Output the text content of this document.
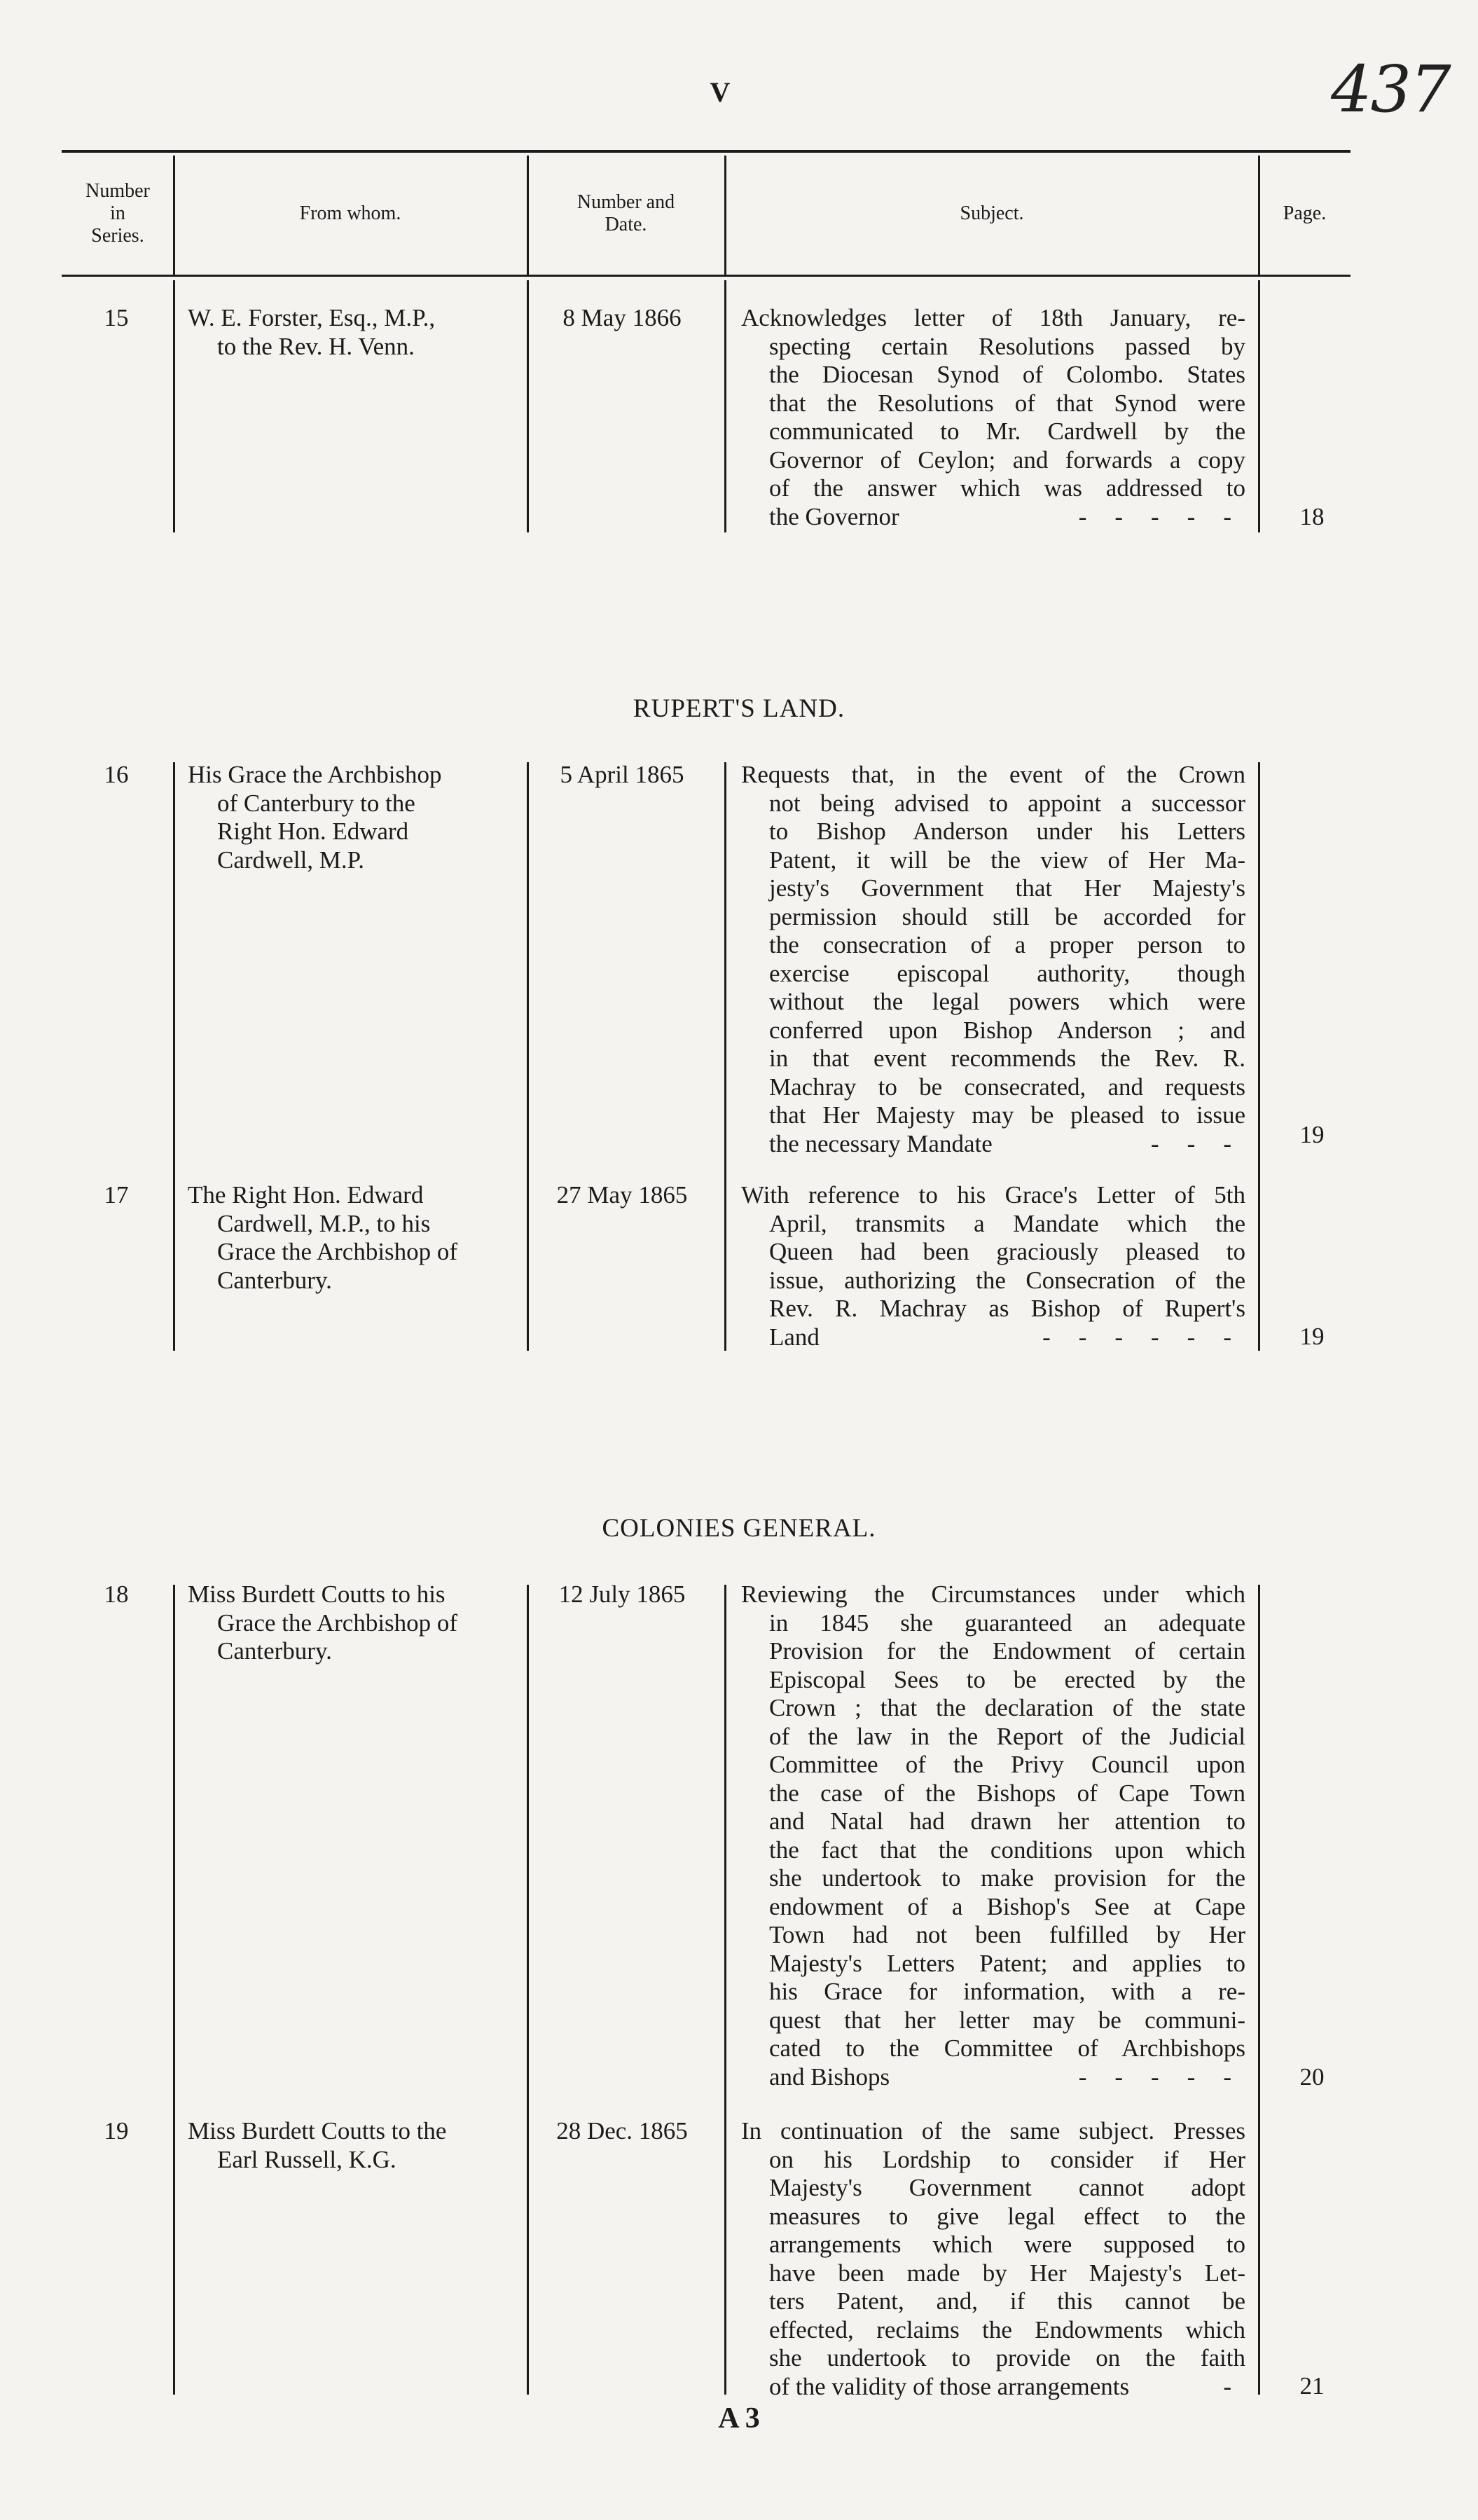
V	437
Number
in
Series.
From whom.
Number and
Date.
Subject.	Page.
15	W. E. Forster, Esq., M.P.,
to the Rev. H. Venn.
8 May 1866	Acknowledges letter of 18th January, re-
specting certain Resolutions passed by
the Diocesan Synod of Colombo. States
that the Resolutions of that Synod were
communicated to Mr. Cardwell by the
Governor of Ceylon; and forwards a copy
of the answer which was addressed to
the Governor	-----	18
RUPERT'S LAND.
16	His Grace the Archbishop
of Canterbury to the
Right Hon. Edward
Cardwell, M.P.
5 April 1865	Requests that, in the event of the Crown
not being advised to appoint a successor
to Bishop Anderson under his Letters
Patent, it will be the view of Her Ma-
jesty's Government that Her Majesty's
permission should still be accorded for
the consecration of a proper person to
exercise episcopal authority, though
without the legal powers which were
conferred upon Bishop Anderson ; and
in that event recommends the Rev. R.
Machray to be consecrated, and requests
that Her Majesty may be pleased to issue
the necessary Mandate	---	19
17	The Right Hon. Edward
Cardwell, M.P., to his
Grace the Archbishop of
Canterbury.
27 May 1865	With reference to his Grace's Letter of 5th
April, transmits a Mandate which the
Queen had been graciously pleased to
issue, authorizing the Consecration of the
Rev. R. Machray as Bishop of Rupert's
Land	------	19
COLONIES GENERAL.
18	Miss Burdett Coutts to his
Grace the Archbishop of
Canterbury.
12 July 1865	Reviewing the Circumstances under which
in 1845 she guaranteed an adequate
Provision for the Endowment of certain
Episcopal Sees to be erected by the
Crown ; that the declaration of the state
of the law in the Report of the Judicial
Committee of the Privy Council upon
the case of the Bishops of Cape Town
and Natal had drawn her attention to
the fact that the conditions upon which
she undertook to make provision for the
endowment of a Bishop's See at Cape
Town had not been fulfilled by Her
Majesty's Letters Patent; and applies to
his Grace for information, with a re-
quest that her letter may be communi-
cated to the Committee of Archbishops
and Bishops	-----	20
19	Miss Burdett Coutts to the
Earl Russell, K.G.
28 Dec. 1865	In continuation of the same subject. Presses
on his Lordship to consider if Her
Majesty's Government cannot adopt
measures to give legal effect to the
arrangements which were supposed to
have been made by Her Majesty's Let-
ters Patent, and, if this cannot be
effected, reclaims the Endowments which
she undertook to provide on the faith
of the validity of those arrangements	-	21
A 3
